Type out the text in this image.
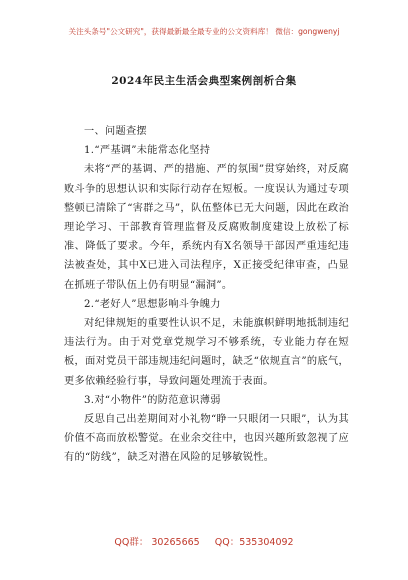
关注头条号"公文研究"，获得最新最全最专业的公文资料库！ 微信：gongwenyj
2024年民主生活会典型案例剖析合集

一、问题查摆

1.“严基调”未能常态化坚持

未将“严的基调、严的措施、严的氛围”贯穿始终，对反腐败斗争的思想认识和实际行动存在短板。一度误认为通过专项整顿已清除了“害群之马”，队伍整体已无大问题，因此在政治理论学习、干部教育管理监督及反腐败制度建设上放松了标准、降低了要求。今年，系统内有X名领导干部因严重违纪违法被查处，其中X已进入司法程序，X正接受纪律审查，凸显在抓班子带队伍上仍有明显“漏洞”。

2.“老好人”思想影响斗争魄力

对纪律规矩的重要性认识不足，未能旗帜鲜明地抵制违纪违法行为。由于对党章党规学习不够系统，专业能力存在短板，面对党员干部违规违纪问题时，缺乏“依规直言”的底气，更多依赖经验行事，导致问题处理流于表面。

3.对“小物件”的防范意识薄弱

反思自己出差期间对小礼物“睁一只眼闭一只眼”，认为其价值不高而放松警觉。在业余交往中，也因兴趣所致忽视了应有的“防线”，缺乏对潜在风险的足够敏锐性。

QQ群： 30265665 QQ：535304092
